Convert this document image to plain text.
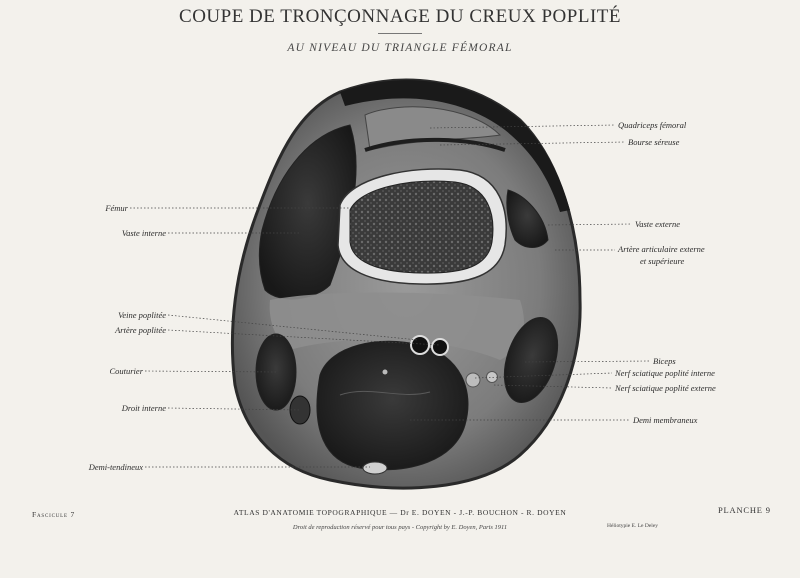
COUPE DE TRONÇONNAGE DU CREUX POPLITÉ
AU NIVEAU DU TRIANGLE FÉMORAL
Fémur
Vaste interne
Veine poplitée
Artère poplitée
Couturier
Droit interne
Demi-tendineux
Quadriceps fémoral
Bourse séreuse
Vaste externe
Artère articulaire externe
et supérieure
Biceps
Nerf sciatique poplité interne
Nerf sciatique poplité externe
Demi membraneux
Fascicule 7	ATLAS D'ANATOMIE TOPOGRAPHIQUE — Dr E. DOYEN - J.-P. BOUCHON - R. DOYEN
Droit de reproduction réservé pour tous pays - Copyright by E. Doyen, Paris 1911
PLANCHE 9
Héliotypie E. Le Deley
